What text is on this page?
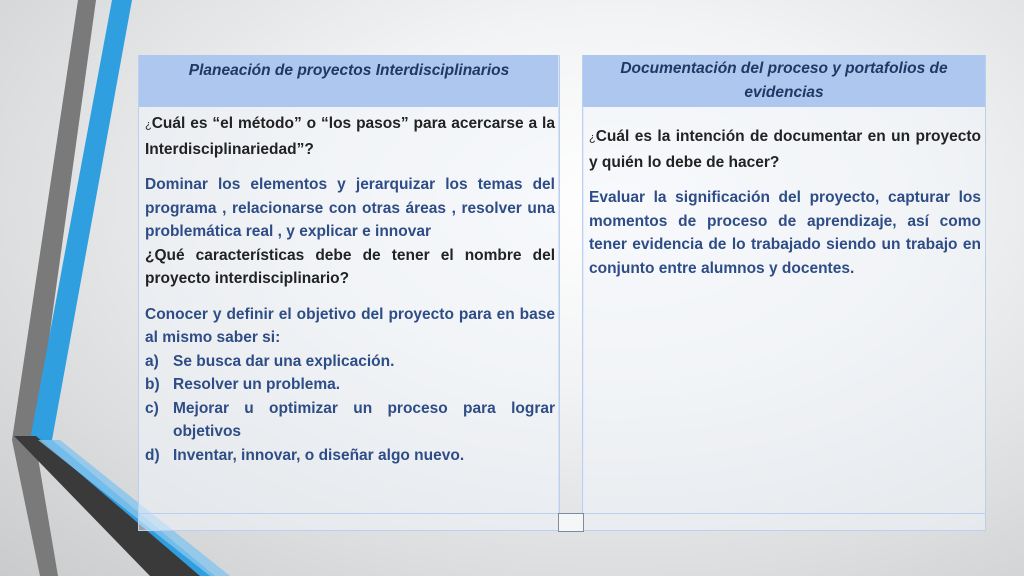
Planeación de proyectos Interdisciplinarios

¿Cuál es “el método” o “los pasos” para acercarse a la Interdisciplinariedad”?

Dominar los elementos y jerarquizar los temas del programa , relacionarse con otras áreas , resolver una problemática real , y explicar e innovar

¿Qué características debe de tener el nombre del proyecto interdisciplinario?

Conocer y definir el objetivo del proyecto para en base al mismo saber si:

a) Se busca dar una explicación.
b) Resolver un problema.
c) Mejorar u optimizar un proceso para lograr objetivos
d) Inventar, innovar, o diseñar algo nuevo.
Documentación del proceso y portafolios de evidencias

¿Cuál es la intención de documentar en un proyecto y quién lo debe de hacer?

Evaluar la significación del proyecto, capturar los momentos de proceso de aprendizaje, así como tener evidencia de lo trabajado siendo un trabajo en conjunto entre alumnos y docentes.
